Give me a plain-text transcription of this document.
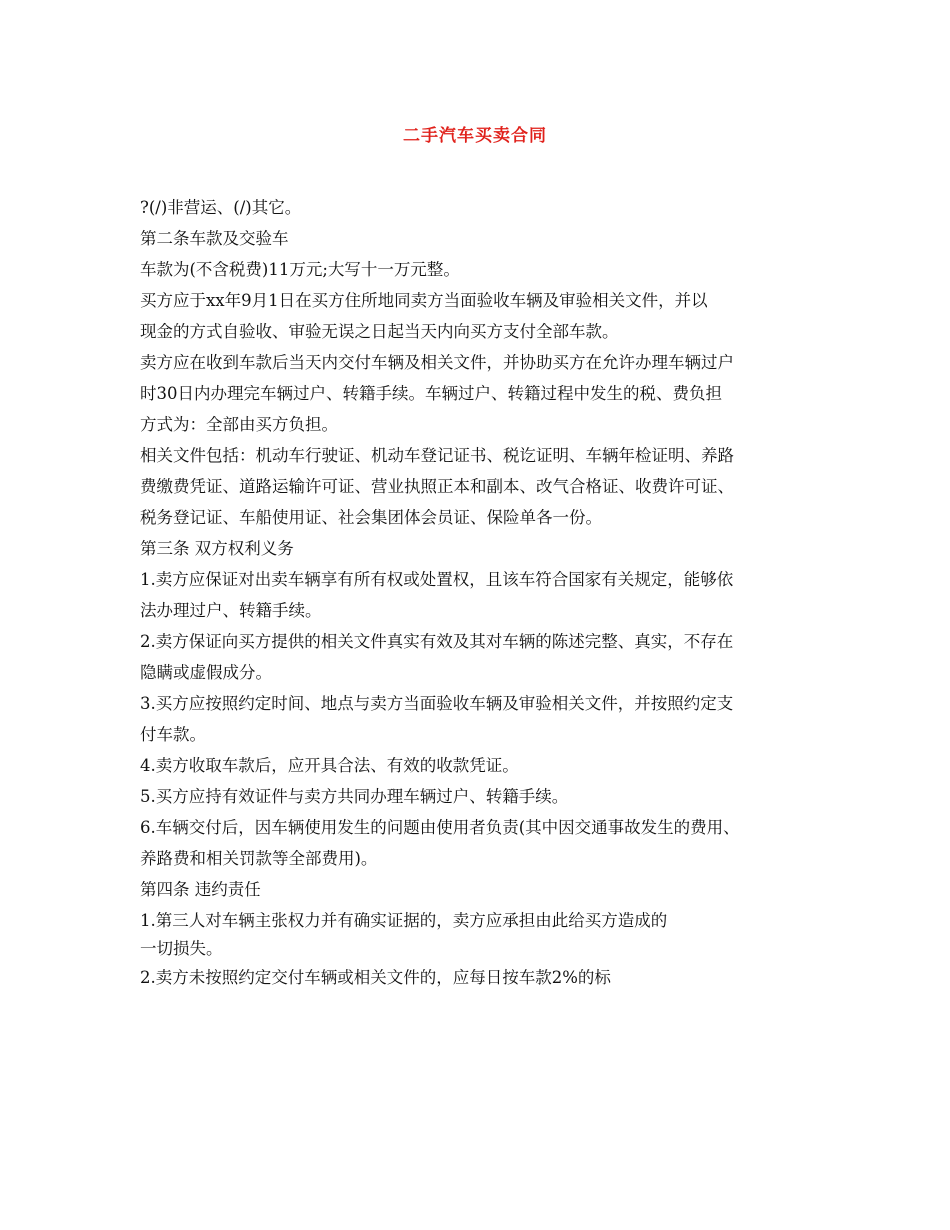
二手汽车买卖合同
?(/)非营运、(/)其它。
第二条车款及交验车
车款为(不含税费)11万元;大写十一万元整。
买方应于xx年9月1日在买方住所地同卖方当面验收车辆及审验相关文件，并以
现金的方式自验收、审验无误之日起当天内向买方支付全部车款。
卖方应在收到车款后当天内交付车辆及相关文件，并协助买方在允许办理车辆过户
时30日内办理完车辆过户、转籍手续。车辆过户、转籍过程中发生的税、费负担
方式为：全部由买方负担。
相关文件包括：机动车行驶证、机动车登记证书、税讫证明、车辆年检证明、养路
费缴费凭证、道路运输许可证、营业执照正本和副本、改气合格证、收费许可证、
税务登记证、车船使用证、社会集团体会员证、保险单各一份。
第三条 双方权利义务
1.卖方应保证对出卖车辆享有所有权或处置权，且该车符合国家有关规定，能够依
法办理过户、转籍手续。
2.卖方保证向买方提供的相关文件真实有效及其对车辆的陈述完整、真实，不存在
隐瞒或虚假成分。
3.买方应按照约定时间、地点与卖方当面验收车辆及审验相关文件，并按照约定支
付车款。
4.卖方收取车款后，应开具合法、有效的收款凭证。
5.买方应持有效证件与卖方共同办理车辆过户、转籍手续。
6.车辆交付后，因车辆使用发生的问题由使用者负责(其中因交通事故发生的费用、
养路费和相关罚款等全部费用)。
第四条 违约责任
1.第三人对车辆主张权力并有确实证据的，卖方应承担由此给买方造成的
一切损失。
2.卖方未按照约定交付车辆或相关文件的，应每日按车款2%的标
